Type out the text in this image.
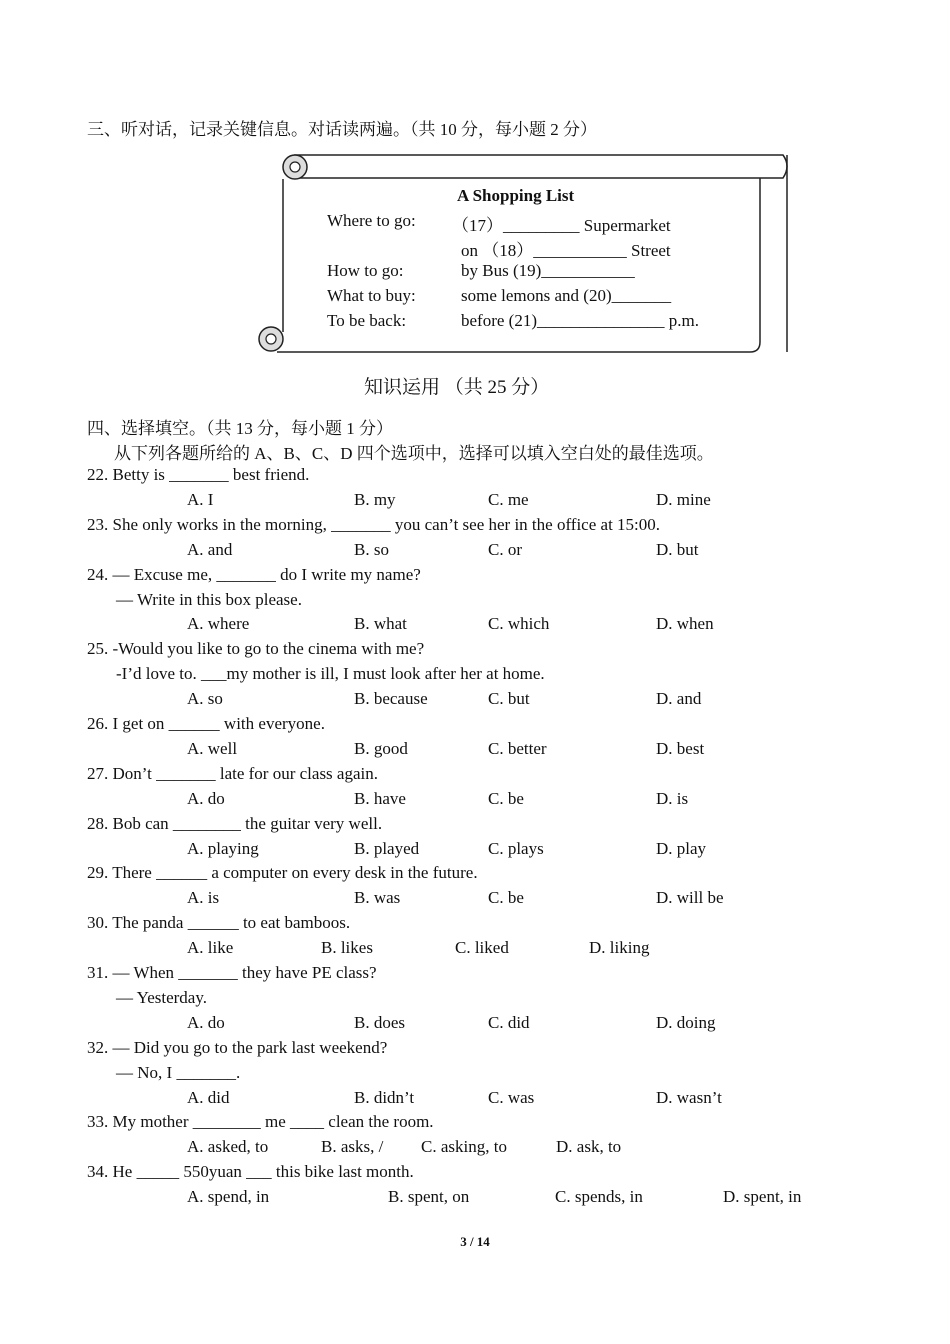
三、听对话，记录关键信息。对话读两遍。（共 10 分，每小题 2 分）
A Shopping List
Where to go: （17）_________ Supermarket
on （18）___________ Street
How to go:	by Bus (19)___________
What to buy:	some lemons and (20)_______
To be back:	before (21)_______________ p.m.
知识运用 （共 25 分）
四、选择填空。（共 13 分，每小题 1 分）
从下列各题所给的 A、B、C、D 四个选项中，选择可以填入空白处的最佳选项。
22. Betty is _______ best friend.
A. I	B. my	C. me	D. mine
23. She only works in the morning, _______ you can’t see her in the office at 15:00.
A. and	B. so	C. or	D. but
24. — Excuse me, _______ do I write my name?
— Write in this box please.
A. where	B. what	C. which	D. when
25. -Would you like to go to the cinema with me?
-I’d love to. ___my mother is ill, I must look after her at home.
A. so	B. because	C. but	D. and
26. I get on ______ with everyone.
A. well	B. good	C. better	D. best
27. Don’t _______ late for our class again.
A. do	B. have	C. be	D. is
28. Bob can ________ the guitar very well.
A. playing	B. played	C. plays	D. play
29. There ______ a computer on every desk in the future.
A. is	B. was	C. be	D. will be
30. The panda ______ to eat bamboos.
A. like	B. likes	C. liked	D. liking
31. — When _______ they have PE class?
— Yesterday.
A. do	B. does	C. did	D. doing
32. — Did you go to the park last weekend?
— No, I _______.
A. did	B. didn’t	C. was	D. wasn’t
33. My mother ________ me ____ clean the room.
A. asked, to	B. asks, / C. asking, to	D. ask, to
34. He _____ 550yuan ___ this bike last month.
A. spend, in	B. spent, on	C. spends, in	D. spent, in
3 / 14
